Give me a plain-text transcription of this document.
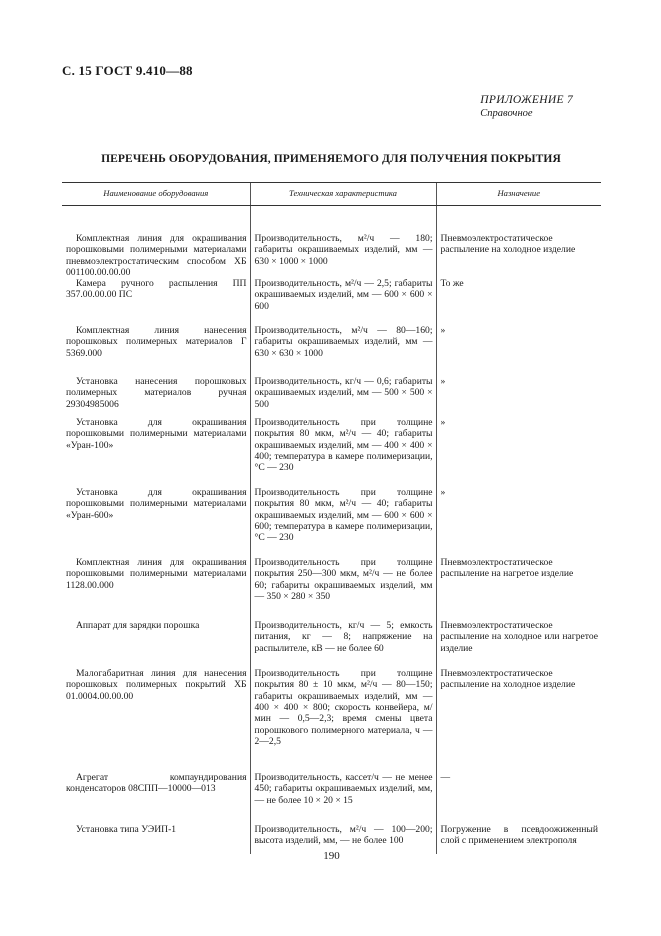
С. 15 ГОСТ 9.410—88
ПРИЛОЖЕНИЕ 7
Справочное
ПЕРЕЧЕНЬ ОБОРУДОВАНИЯ, ПРИМЕНЯЕМОГО ДЛЯ ПОЛУЧЕНИЯ ПОКРЫТИЯ
Наименование оборудования	Техническая характеристика	Назначение
Комплектная линия для окрашивания порошковыми полимерными материалами пневмоэлектростатическим способом ХБ 001100.00.00.00	Производительность, м²/ч — 180; габариты окрашиваемых изделий, мм — 630 × 1000 × 1000	Пневмоэлектростатическое распыление на холодное изделие
Камера ручного распыления ПП 357.00.00.00 ПС	Производительность, м²/ч — 2,5; габариты окрашиваемых изделий, мм — 600 × 600 × 600	То же
Комплектная линия нанесения порошковых полимерных материалов Г 5369.000	Производительность, м²/ч — 80—160; габариты окрашиваемых изделий, мм — 630 × 630 × 1000	»
Установка нанесения порошковых полимерных материалов ручная 29304985006	Производительность, кг/ч — 0,6; габариты окрашиваемых изделий, мм — 500 × 500 × 500	»
Установка для окрашивания порошковыми полимерными материалами «Уран-100»	Производительность при толщине покрытия 80 мкм, м²/ч — 40; габариты окрашиваемых изделий, мм — 400 × 400 × 400; температура в камере полимеризации, °С — 230	»
Установка для окрашивания порошковыми полимерными материалами «Уран-600»	Производительность при толщине покрытия 80 мкм, м²/ч — 40; габариты окрашиваемых изделий, мм — 600 × 600 × 600; температура в камере полимеризации, °С — 230	»
Комплектная линия для окрашивания порошковыми полимерными материалами 1128.00.000	Производительность при толщине покрытия 250—300 мкм, м²/ч — не более 60; габариты окрашиваемых изделий, мм — 350 × 280 × 350	Пневмоэлектростатическое распыление на нагретое изделие
Аппарат для зарядки порошка	Производительность, кг/ч — 5; емкость питания, кг — 8; напряжение на распылителе, кВ — не более 60	Пневмоэлектростатическое распыление на холодное или нагретое изделие
Малогабаритная линия для нанесения порошковых полимерных покрытий ХБ 01.0004.00.00.00	Производительность при толщине покрытия 80 ± 10 мкм, м²/ч — 80—150; габариты окрашиваемых изделий, мм — 400 × 400 × 800; скорость конвейера, м/мин — 0,5—2,3; время смены цвета порошкового полимерного материала, ч — 2—2,5	Пневмоэлектростатическое распыление на холодное изделие
Агрегат компаундирования конденсаторов 08СПП—10000—013	Производительность, кассет/ч — не менее 450; габариты окрашиваемых изделий, мм, — не более 10 × 20 × 15	—
Установка типа УЭИП-1	Производительность, м²/ч — 100—200; высота изделий, мм, — не более 100	Погружение в псевдоожиженный слой с применением электрополя
190
